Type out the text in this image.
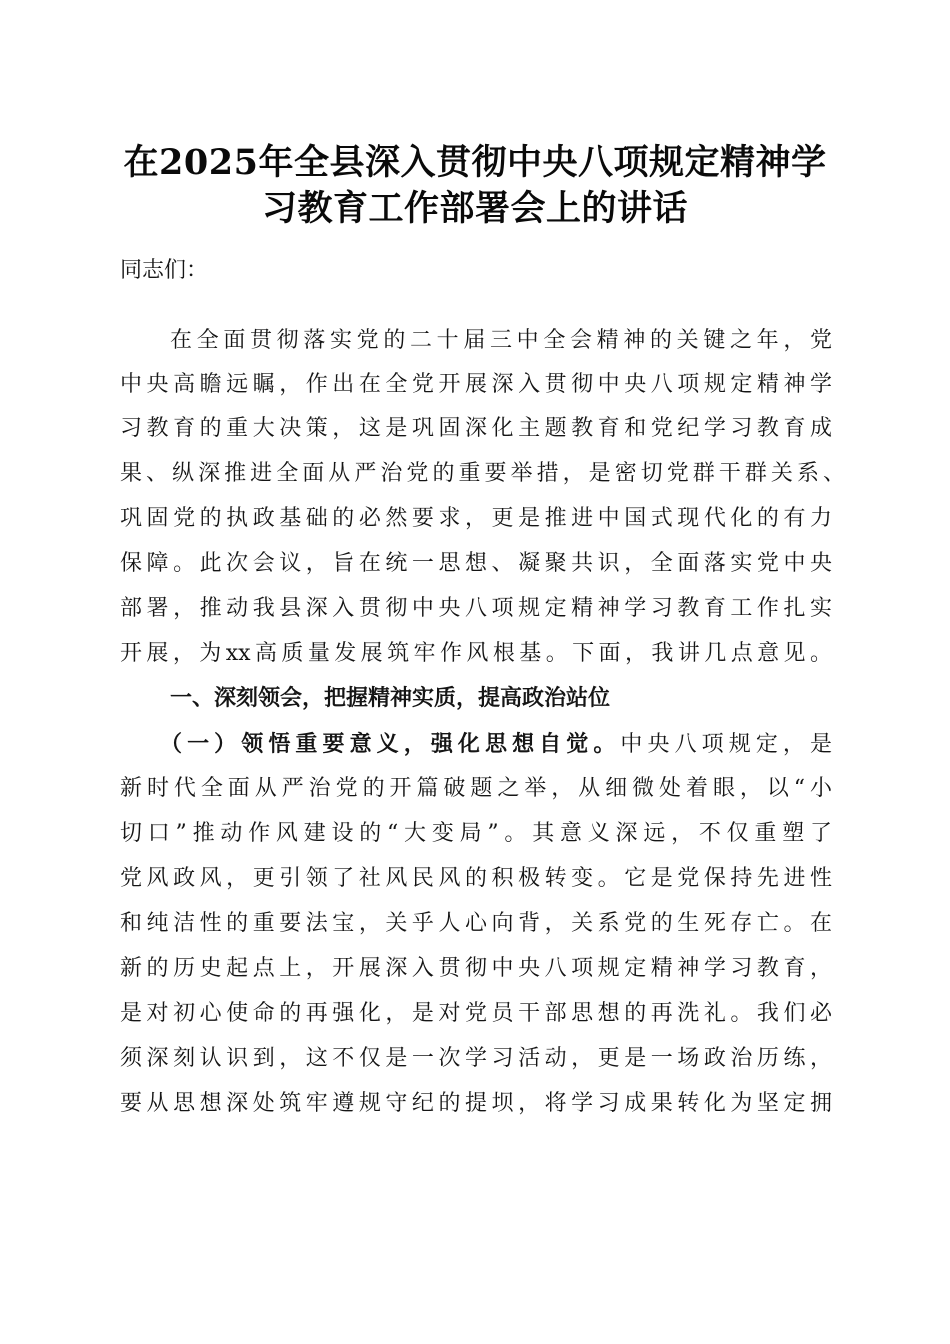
在2025年全县深入贯彻中央八项规定精神学
习教育工作部署会上的讲话
同志们：
在全面贯彻落实党的二十届三中全会精神的关键之年，党
中央高瞻远瞩，作出在全党开展深入贯彻中央八项规定精神学
习教育的重大决策，这是巩固深化主题教育和党纪学习教育成
果、纵深推进全面从严治党的重要举措，是密切党群干群关系、
巩固党的执政基础的必然要求，更是推进中国式现代化的有力
保障。此次会议，旨在统一思想、凝聚共识，全面落实党中央
部署，推动我县深入贯彻中央八项规定精神学习教育工作扎实
开展，为xx高质量发展筑牢作风根基。下面，我讲几点意见。
一、深刻领会，把握精神实质，提高政治站位
（一）领悟重要意义，强化思想自觉。中央八项规定，是
新时代全面从严治党的开篇破题之举，从细微处着眼，以“小
切口”推动作风建设的“大变局”。其意义深远，不仅重塑了
党风政风，更引领了社风民风的积极转变。它是党保持先进性
和纯洁性的重要法宝，关乎人心向背，关系党的生死存亡。在
新的历史起点上，开展深入贯彻中央八项规定精神学习教育，
是对初心使命的再强化，是对党员干部思想的再洗礼。我们必
须深刻认识到，这不仅是一次学习活动，更是一场政治历练，
要从思想深处筑牢遵规守纪的提坝，将学习成果转化为坚定拥
